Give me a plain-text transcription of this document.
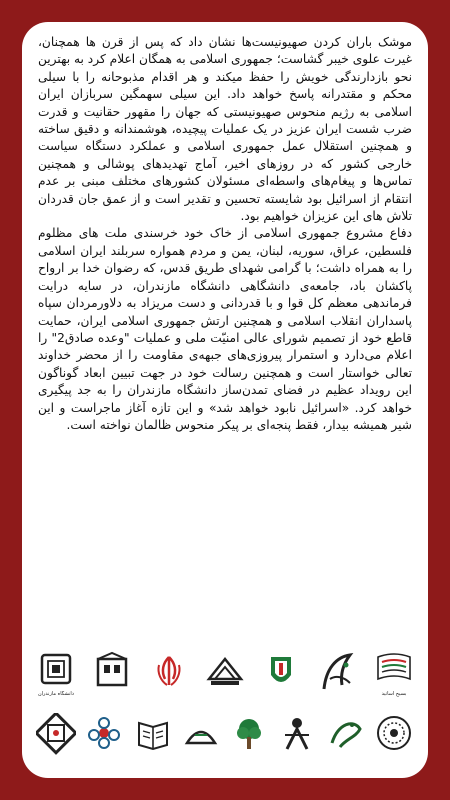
موشک باران کردن صهیونیست‌ها نشان داد که پس از قرن ها همچنان، غیرت علوی خیبر گشاست؛ جمهوری اسلامی به همگان اعلام کرد به بهترین نحو بازدارندگی خویش را حفظ میکند و هر اقدام مذبوحانه را با سیلی محکم و مقتدرانه پاسخ خواهد داد. این سیلی سهمگین سربازان ایران اسلامی به رژیم منحوس صهیونیستی که جهان را مقهور حقانیت و قدرت ضرب شست ایران عزیز در یک عملیات پیچیده، هوشمندانه و دقیق ساخته و همچنین استقلال عمل جمهوری اسلامی و عملکرد دستگاه سیاست خارجی کشور که در روزهای اخیر، آماج تهدیدهای پوشالی و همچنین تماس‌ها و پیغام‌های واسطه‌ای مسئولان کشورهای مختلف مبنی بر عدم انتقام از اسرائیل بود شایسته تحسین و تقدیر است و از عمق جان قدردان تلاش های این عزیزان خواهیم بود.

دفاع مشروع جمهوری اسلامی از خاک خود خرسندی ملت های مظلوم فلسطین، عراق، سوریه، لبنان، یمن و مردم همواره سربلند ایران اسلامی را به همراه داشت؛ با گرامی شهدای طریق قدس، که رضوان خدا بر ارواح پاکشان باد، جامعه‌ی دانشگاهی دانشگاه مازندران، در سایه درایت فرماندهی معظم کل قوا و با قدردانی و دست مریزاد به دلاورمردان سپاه پاسداران انقلاب اسلامی و همچنین ارتش جمهوری اسلامی ایران، حمایت قاطع خود از تصمیم شورای عالی امنیّت ملی و عملیات "وعده صادق2" را اعلام می‌دارد و استمرار پیروزی‌های جبهه‌ی مقاومت را از محضر خداوند تعالی خواستار است و همچنین رسالت خود در جهت تبیین ابعاد گوناگون این رویداد عظیم در فضای تمدن‌ساز دانشگاه مازندران را به جد پیگیری خواهد کرد. «اسرائیل نابود خواهد شد» و این تازه آغاز ماجراست و این شیر همیشه بیدار، فقط پنجه‌ای بر پیکر منحوس ظالمان نواخته است.

بسیج اساتید
دانشگاه مازندران
